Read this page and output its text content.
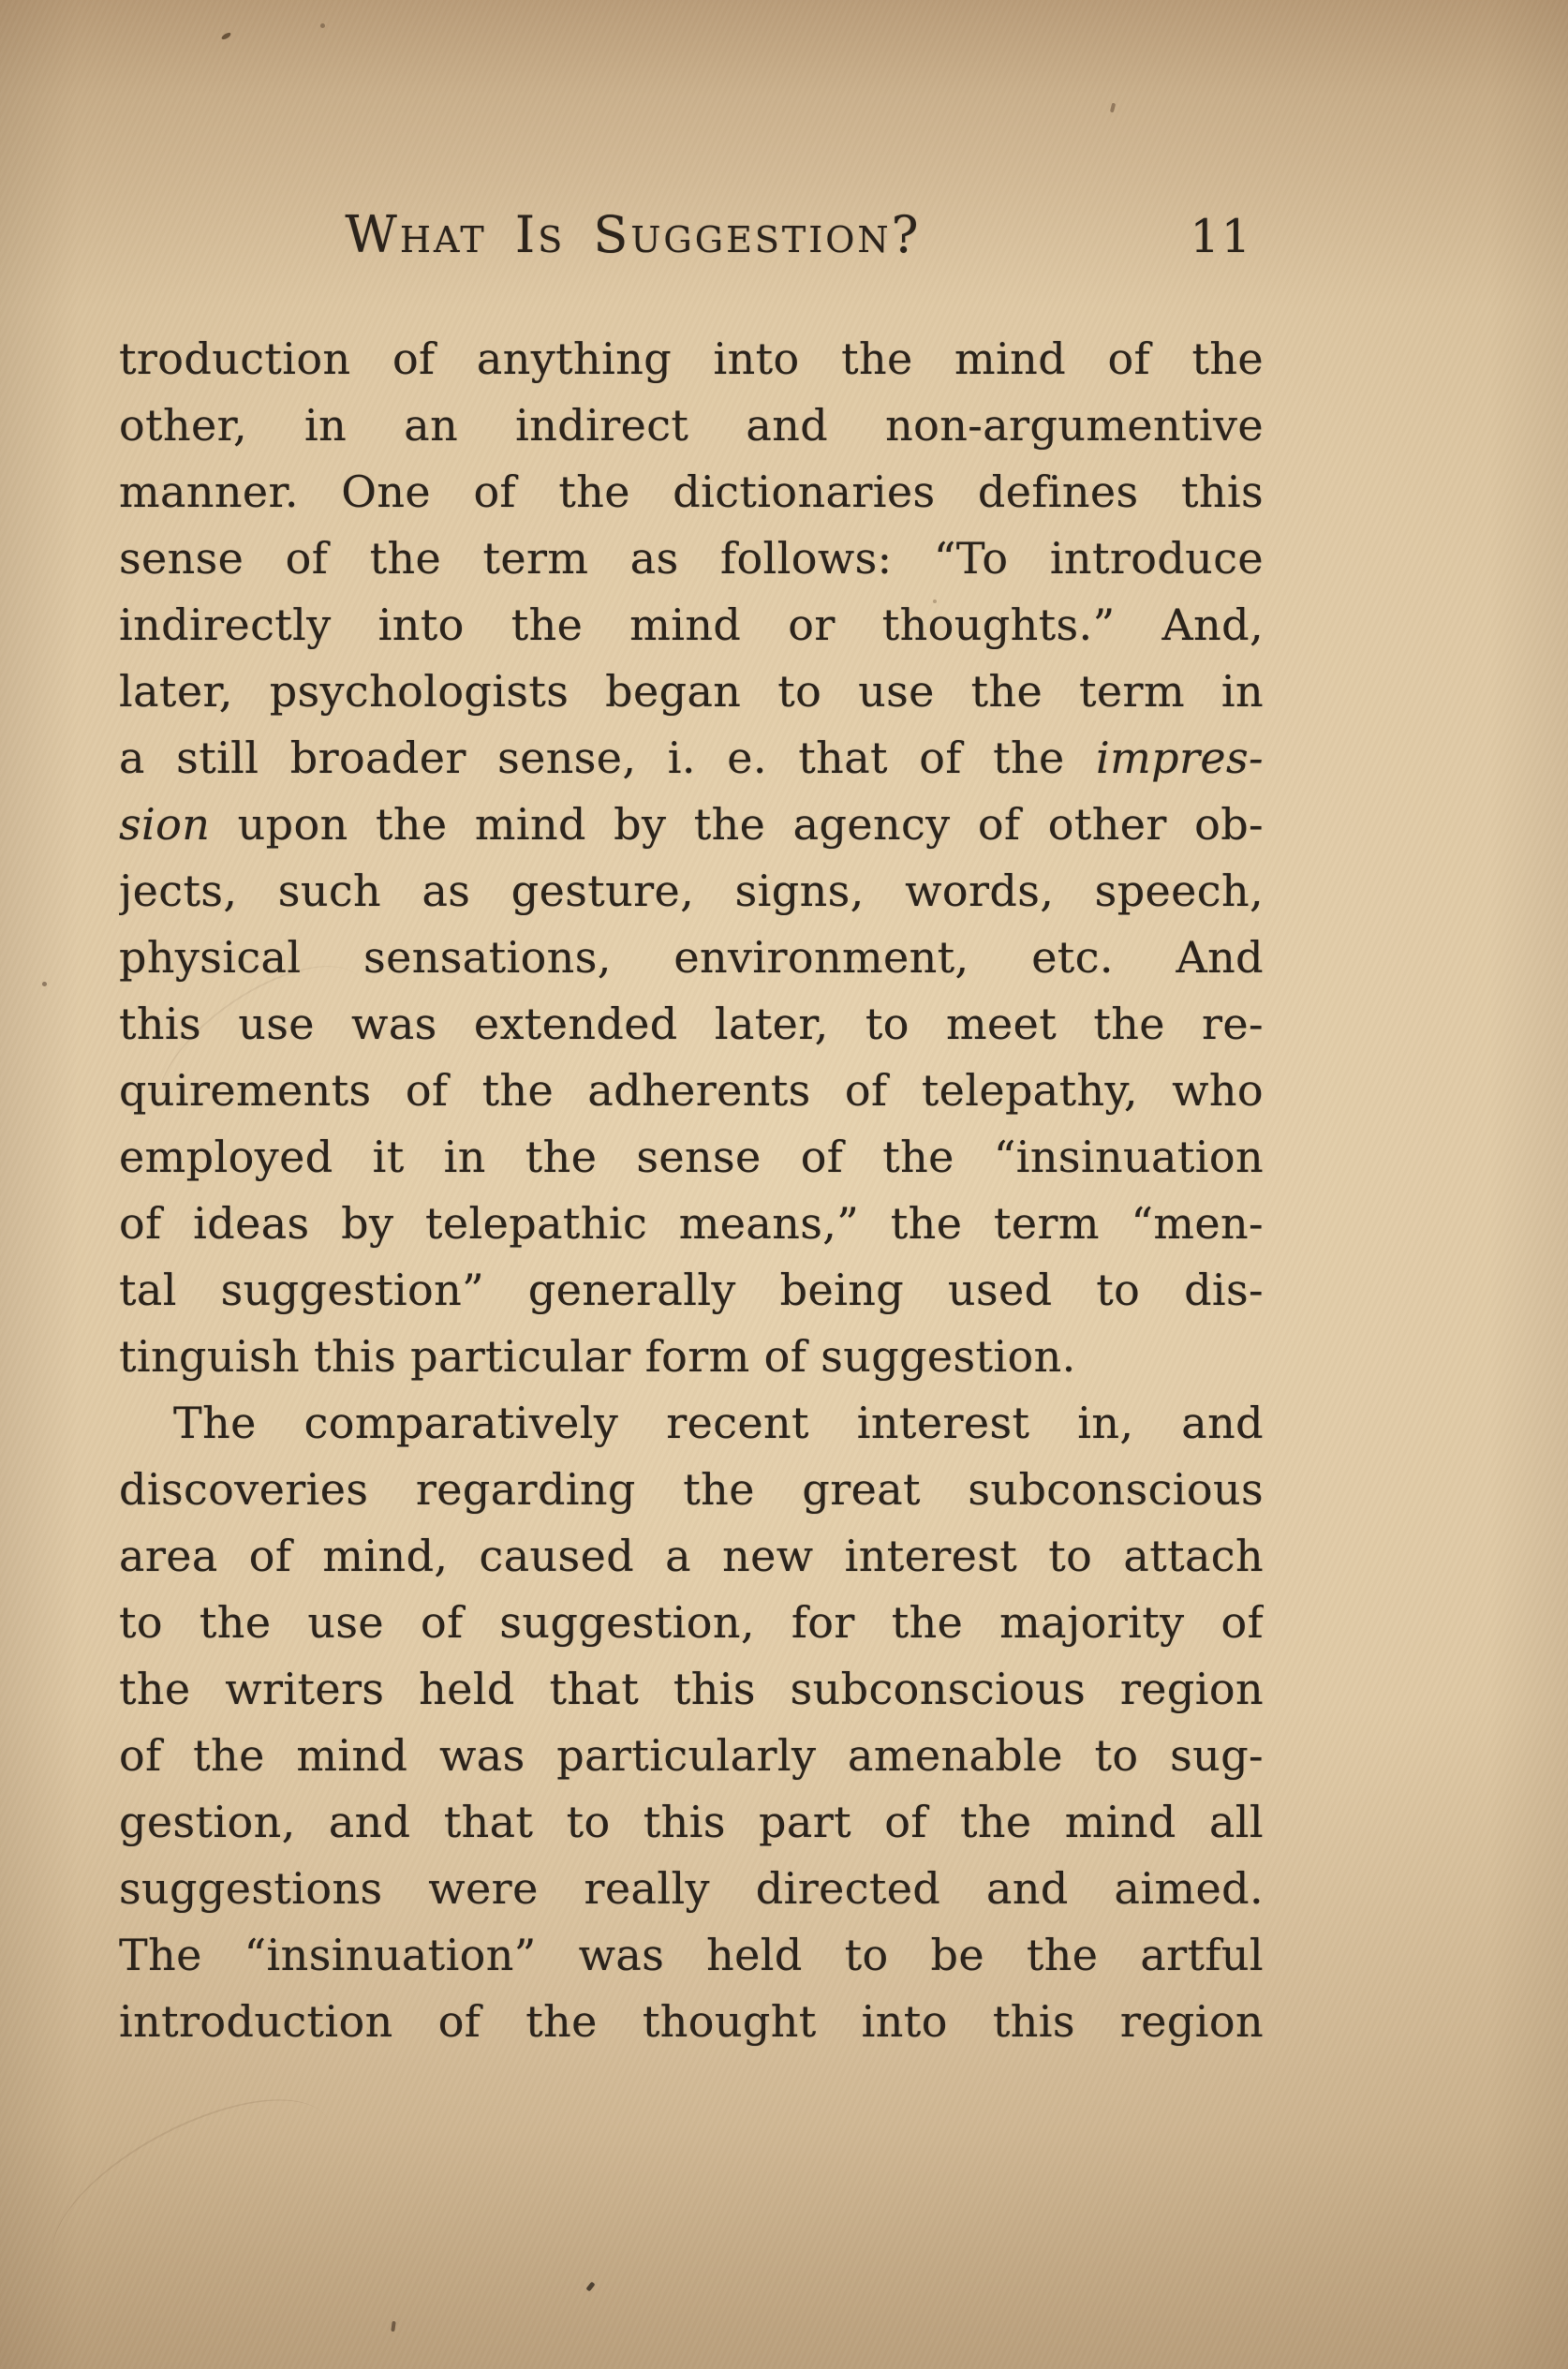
What Is Suggestion?	11
troduction of anything into the mind of the
other, in an indirect and non-argumentive
manner. One of the dictionaries defines this
sense of the term as follows: “To introduce
indirectly into the mind or thoughts.” And,
later, psychologists began to use the term in
a still broader sense, i. e. that of the impres-
sion upon the mind by the agency of other ob-
jects, such as gesture, signs, words, speech,
physical sensations, environment, etc. And
this use was extended later, to meet the re-
quirements of the adherents of telepathy, who
employed it in the sense of the “insinuation
of ideas by telepathic means,” the term “men-
tal suggestion” generally being used to dis-
tinguish this particular form of suggestion.
The comparatively recent interest in, and
discoveries regarding the great subconscious
area of mind, caused a new interest to attach
to the use of suggestion, for the majority of
the writers held that this subconscious region
of the mind was particularly amenable to sug-
gestion, and that to this part of the mind all
suggestions were really directed and aimed.
The “insinuation” was held to be the artful
introduction of the thought into this region
